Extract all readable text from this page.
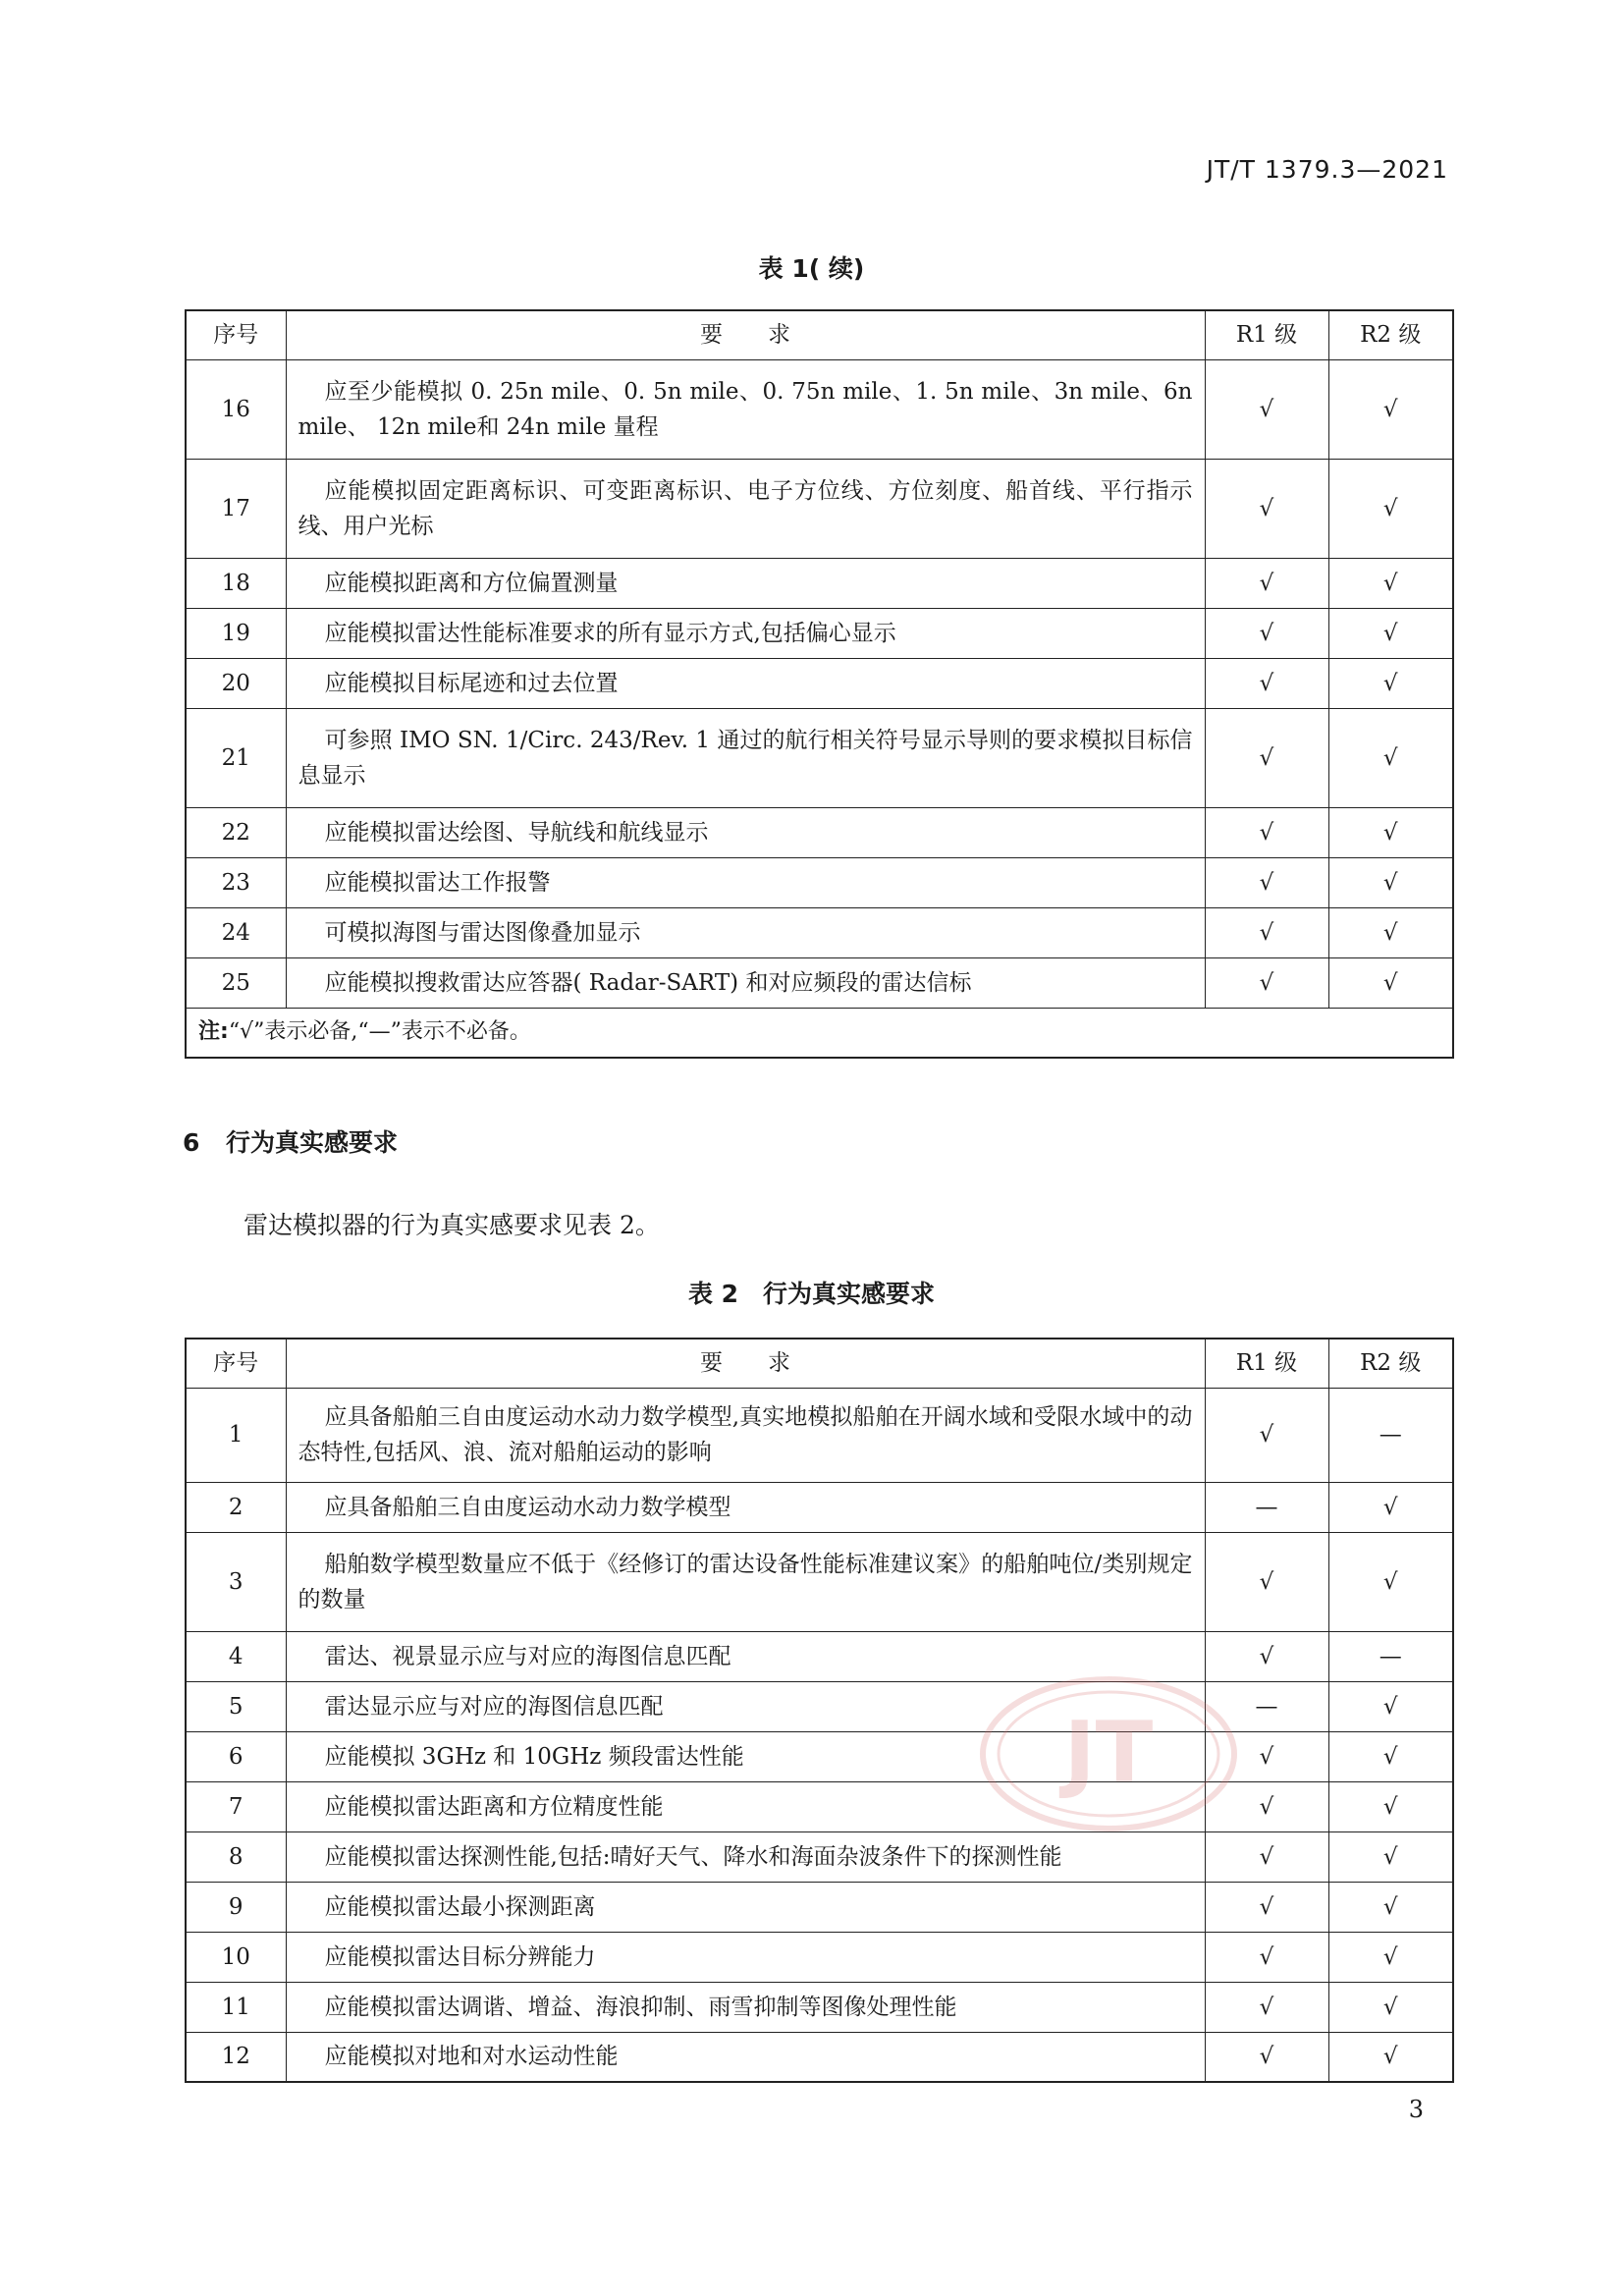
JT/T 1379.3—2021
表 1( 续)
序号	要　　求	R1 级	R2 级
16	应至少能模拟 0. 25n mile、0. 5n mile、0. 75n mile、1. 5n mile、3n mile、6n mile、 12n mile和 24n mile 量程	√	√
17	应能模拟固定距离标识、可变距离标识、电子方位线、方位刻度、船首线、平行指示线、用户光标	√	√
18	应能模拟距离和方位偏置测量	√	√
19	应能模拟雷达性能标准要求的所有显示方式,包括偏心显示	√	√
20	应能模拟目标尾迹和过去位置	√	√
21	可参照 IMO SN. 1/Circ. 243/Rev. 1 通过的航行相关符号显示导则的要求模拟目标信息显示	√	√
22	应能模拟雷达绘图、导航线和航线显示	√	√
23	应能模拟雷达工作报警	√	√
24	可模拟海图与雷达图像叠加显示	√	√
25	应能模拟搜救雷达应答器( Radar-SART) 和对应频段的雷达信标	√	√
注:“√”表示必备,“—”表示不必备。			
6 行为真实感要求
雷达模拟器的行为真实感要求见表 2。
表 2　行为真实感要求
序号	要　　求	R1 级	R2 级
1	应具备船舶三自由度运动水动力数学模型,真实地模拟船舶在开阔水域和受限水域中的动态特性,包括风、浪、流对船舶运动的影响	√	—
2	应具备船舶三自由度运动水动力数学模型	—	√
3	船舶数学模型数量应不低于《经修订的雷达设备性能标准建议案》的船舶吨位/类别规定的数量	√	√
4	雷达、视景显示应与对应的海图信息匹配	√	—
5	雷达显示应与对应的海图信息匹配	—	√
6	应能模拟 3GHz 和 10GHz 频段雷达性能	√	√
7	应能模拟雷达距离和方位精度性能	√	√
8	应能模拟雷达探测性能,包括:晴好天气、降水和海面杂波条件下的探测性能	√	√
9	应能模拟雷达最小探测距离	√	√
10	应能模拟雷达目标分辨能力	√	√
11	应能模拟雷达调谐、增益、海浪抑制、雨雪抑制等图像处理性能	√	√
12	应能模拟对地和对水运动性能	√	√
JT
3
